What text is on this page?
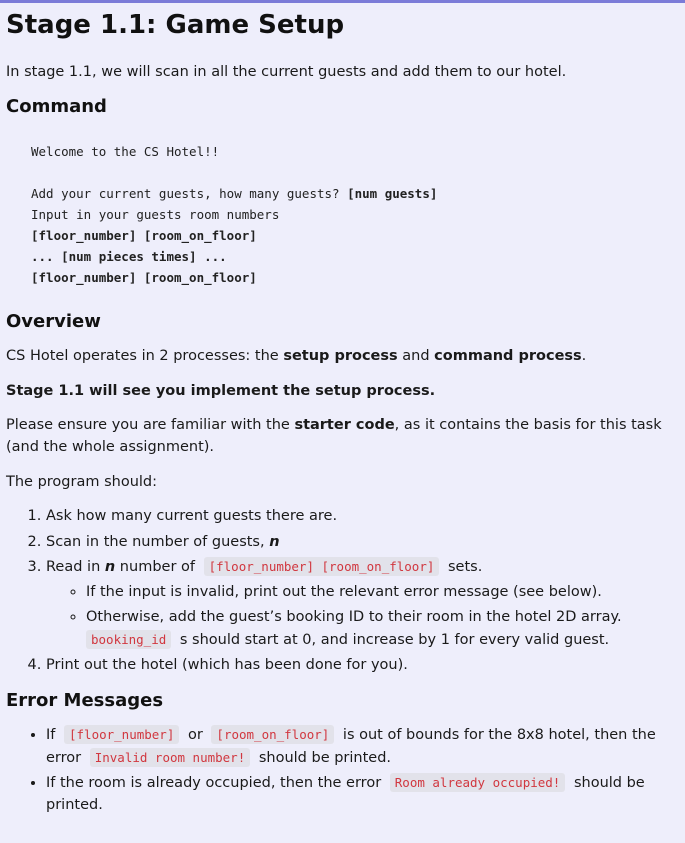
Stage 1.1: Game Setup

In stage 1.1, we will scan in all the current guests and add them to our hotel.

Command
Welcome to the CS Hotel!!

Add your current guests, how many guests? [num guests]
Input in your guests room numbers
[floor_number] [room_on_floor]
... [num pieces times] ...
[floor_number] [room_on_floor]
Overview

CS Hotel operates in 2 processes: the setup process and command process.

Stage 1.1 will see you implement the setup process.

Please ensure you are familiar with the starter code, as it contains the basis for this task (and the whole assignment).

The program should:

1. Ask how many current guests there are.
2. Scan in the number of guests, n
3. Read in n number of [floor_number] [room_on_floor] sets.
◦ If the input is invalid, print out the relevant error message (see below).
◦ Otherwise, add the guest’s booking ID to their room in the hotel 2D array. booking_id s should start at 0, and increase by 1 for every valid guest.
4. Print out the hotel (which has been done for you).
Error Messages
• If [floor_number] or [room_on_floor] is out of bounds for the 8x8 hotel, then the error Invalid room number! should be printed.
• If the room is already occupied, then the error Room already occupied! should be printed.
